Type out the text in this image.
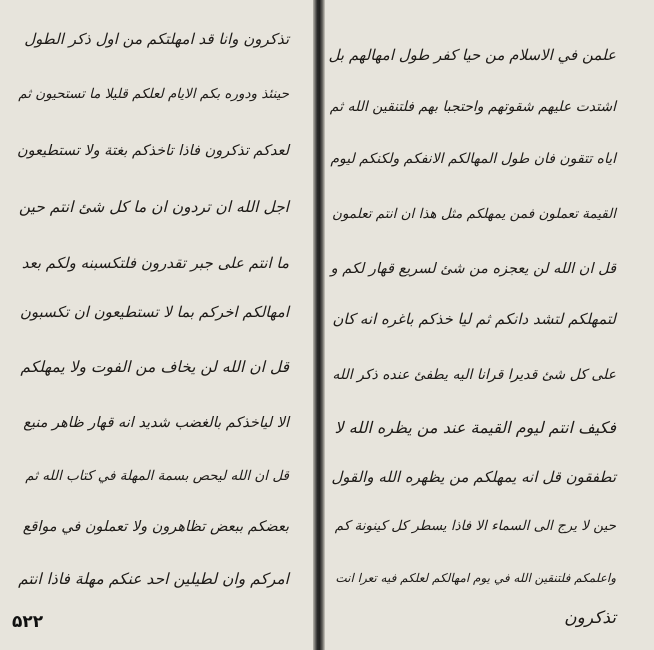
تذكرون وانا قد امهلتكم من اول ذكر الطول
حينئذ ودوره بكم الايام لعلكم قليلا ما تستحيون ثم
لعدكم تذكرون فاذا تاخذكم بغتة ولا تستطيعون
اجل الله ان تردون ان ما كل شئ انتم حين
ما انتم على جبر تقدرون فلتكسبنه ولكم بعد
امهالكم اخركم بما لا تستطيعون ان تكسبون
قل ان الله لن يخاف من الفوت ولا يمهلكم
الا لياخذكم بالغضب شديد انه قهار ظاهر منيع
قل ان الله ليحص بسمة المهلة في كتاب الله ثم
بعضكم ببعض تظاهرون ولا تعملون في مواقع
امركم وان لطيلين احد عنكم مهلة فاذا انتم
۵۲۲
علمن في الاسلام من حيا كفر طول امهالهم بل
اشتدت عليهم شقوتهم واحتجبا بهم فلتنقين الله ثم
اياه تتقون فان طول المهالكم الانفكم ولكنكم ليوم
القيمة تعملون فمن يمهلكم مثل هذا ان انتم تعلمون
قل ان الله لن يعجزه من شئ لسريع قهار لكم و
لتمهلكم لتشد دانكم ثم ليا خذكم باغره انه كان
على كل شئ قديرا قرانا اليه يطفئ عنده ذكر الله
فكيف انتم ليوم القيمة عند من يظره الله لا
تطفقون قل انه يمهلكم من يظهره الله والقول
حين لا يرج الى السماء الا فاذا يسطر كل كينونة كم
واعلمكم فلتنقين الله في يوم امهالكم لعلكم فيه تعرا انت
تذكرون
